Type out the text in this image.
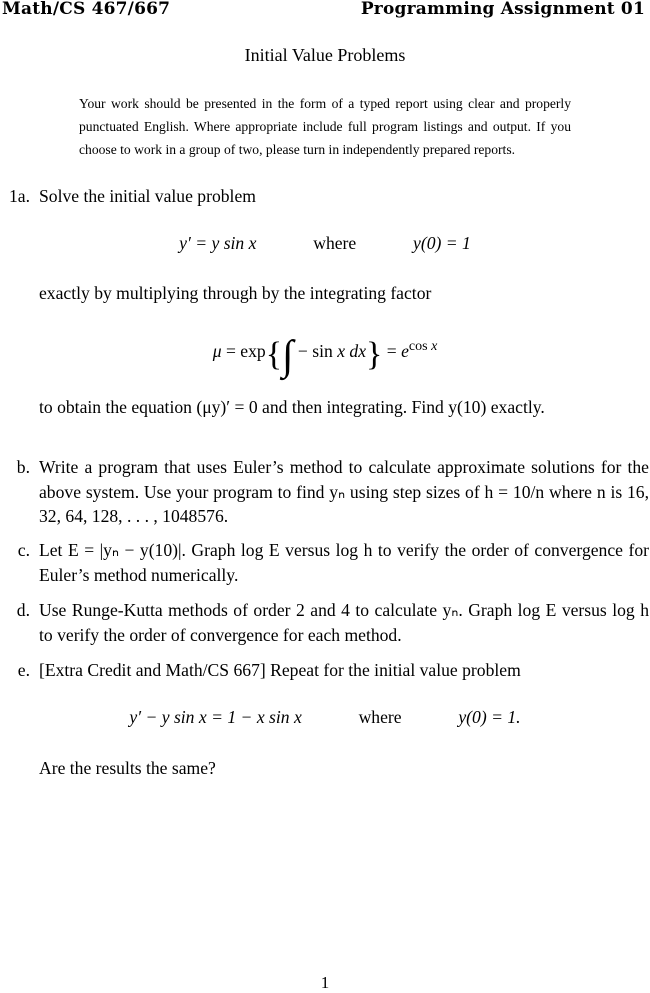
Math/CS 467/667	Programming Assignment 01
Initial Value Problems
Your work should be presented in the form of a typed report using clear and properly punctuated English. Where appropriate include full program listings and output. If you choose to work in a group of two, please turn in independently prepared reports.
1a. Solve the initial value problem
y′ = y sin x	where	y(0) = 1
exactly by multiplying through by the integrating factor
μ = exp{∫ − sin x $dx\} = e^{cos x}$
to obtain the equation (μy)′ = 0 and then integrating. Find y(10) exactly.
b. Write a program that uses Euler’s method to calculate approximate solutions for the above system. Use your program to find yₙ using step sizes of h = 10/n where n is 16, 32, 64, 128, . . . , 1048576.
c. Let E = |yₙ − y(10)|. Graph log E versus log h to verify the order of convergence for Euler’s method numerically.
d. Use Runge-Kutta methods of order 2 and 4 to calculate yₙ. Graph log E versus log h to verify the order of convergence for each method.
e. [Extra Credit and Math/CS 667] Repeat for the initial value problem
y′ − y sin x = 1 − x sin x	where	y(0) = 1.
Are the results the same?
1
